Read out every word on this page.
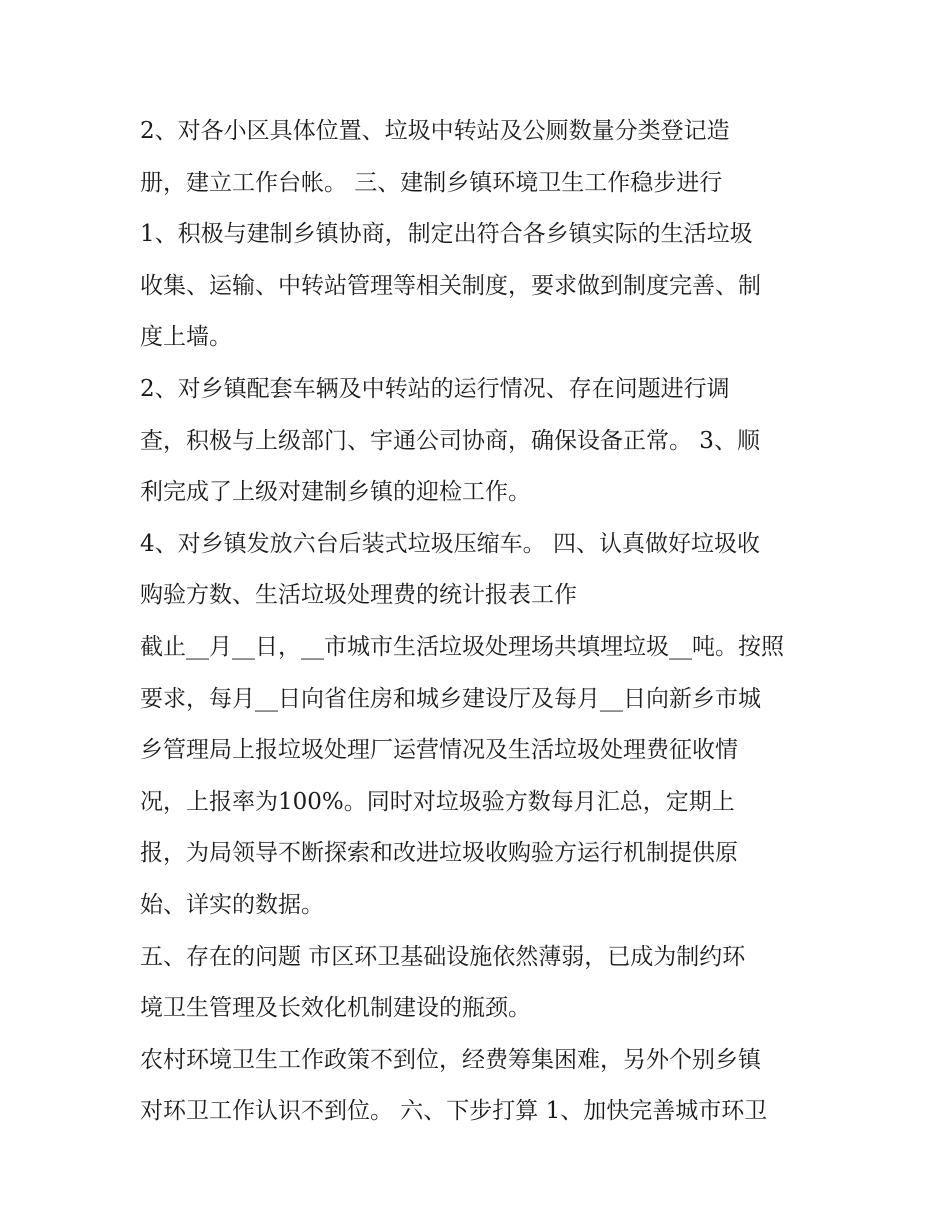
2、对各小区具体位置、垃圾中转站及公厕数量分类登记造
册，建立工作台帐。 三、建制乡镇环境卫生工作稳步进行
1、积极与建制乡镇协商，制定出符合各乡镇实际的生活垃圾
收集、运输、中转站管理等相关制度，要求做到制度完善、制
度上墙。
2、对乡镇配套车辆及中转站的运行情况、存在问题进行调
查，积极与上级部门、宇通公司协商，确保设备正常。 3、顺
利完成了上级对建制乡镇的迎检工作。
4、对乡镇发放六台后装式垃圾压缩车。 四、认真做好垃圾收
购验方数、生活垃圾处理费的统计报表工作
截止__月__日，__市城市生活垃圾处理场共填埋垃圾__吨。按照
要求，每月__日向省住房和城乡建设厅及每月__日向新乡市城
乡管理局上报垃圾处理厂运营情况及生活垃圾处理费征收情
况，上报率为100%。同时对垃圾验方数每月汇总，定期上
报，为局领导不断探索和改进垃圾收购验方运行机制提供原
始、详实的数据。
五、存在的问题 市区环卫基础设施依然薄弱，已成为制约环
境卫生管理及长效化机制建设的瓶颈。
农村环境卫生工作政策不到位，经费筹集困难，另外个别乡镇
对环卫工作认识不到位。 六、下步打算 1、加快完善城市环卫
